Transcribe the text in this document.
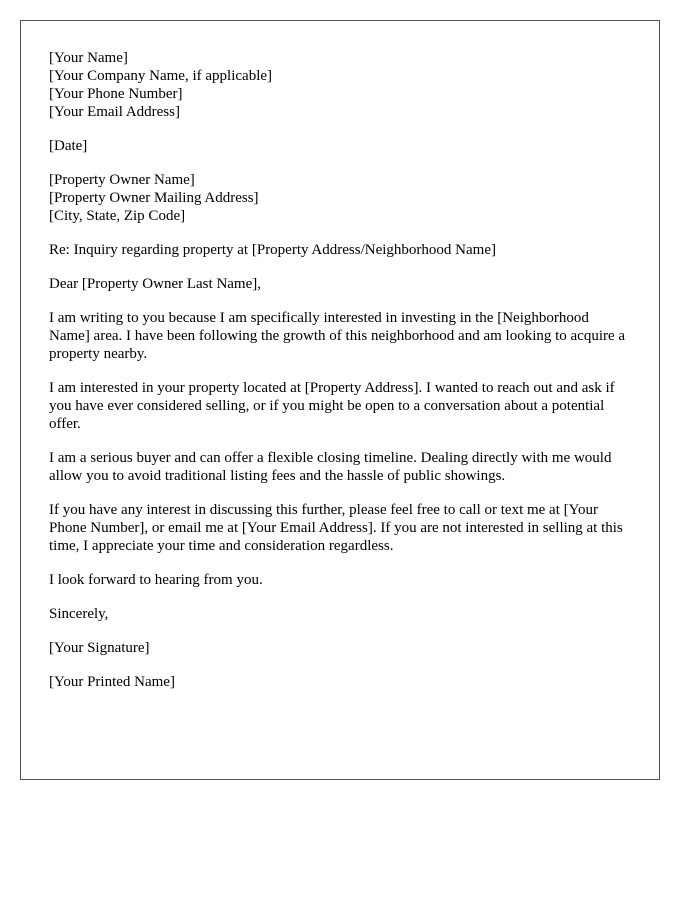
[Your Name]
[Your Company Name, if applicable]
[Your Phone Number]
[Your Email Address]

[Date]

[Property Owner Name]
[Property Owner Mailing Address]
[City, State, Zip Code]

Re: Inquiry regarding property at [Property Address/Neighborhood Name]

Dear [Property Owner Last Name],

I am writing to you because I am specifically interested in investing in the [Neighborhood Name] area. I have been following the growth of this neighborhood and am looking to acquire a property nearby.

I am interested in your property located at [Property Address]. I wanted to reach out and ask if you have ever considered selling, or if you might be open to a conversation about a potential offer.

I am a serious buyer and can offer a flexible closing timeline. Dealing directly with me would allow you to avoid traditional listing fees and the hassle of public showings.

If you have any interest in discussing this further, please feel free to call or text me at [Your Phone Number], or email me at [Your Email Address]. If you are not interested in selling at this time, I appreciate your time and consideration regardless.

I look forward to hearing from you.

Sincerely,

[Your Signature]

[Your Printed Name]
